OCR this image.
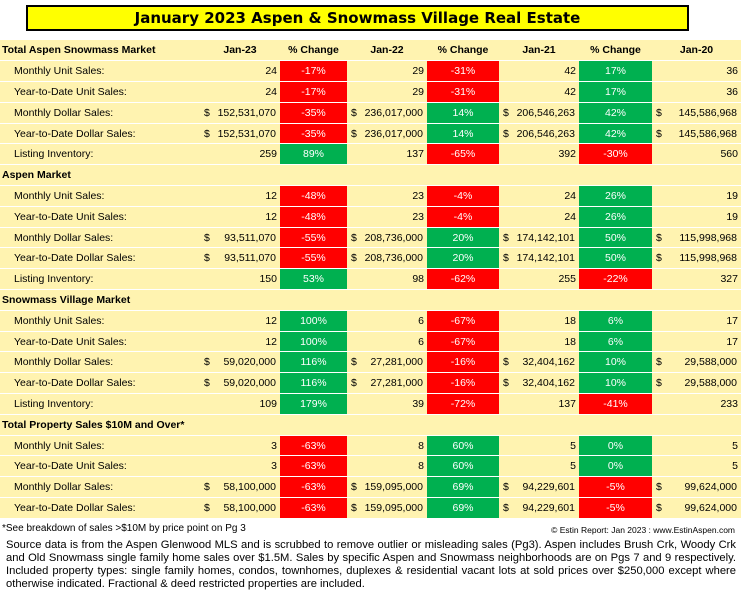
January 2023 Aspen & Snowmass Village Real Estate
Total Aspen Snowmass Market	Jan-23	% Change	Jan-22	% Change	Jan-21	% Change	Jan-20
Monthly Unit Sales:	24	-17%	29	-31%	42	17%	36
Year-to-Date Unit Sales:	24	-17%	29	-31%	42	17%	36
Monthly Dollar Sales:	$ 152,531,070	-35%	$ 236,017,000	14%	$ 206,546,263	42%	$ 145,586,968

Year-to-Date Dollar Sales:	$ 152,531,070	-35%	$ 236,017,000	14%	$ 206,546,263	42%	$ 145,586,968

Listing Inventory:	259	89%	137	-65%	392	-30%	560
Aspen Market							
Monthly Unit Sales:	12	-48%	23	-4%	24	26%	19
Year-to-Date Unit Sales:	12	-48%	23	-4%	24	26%	19
Monthly Dollar Sales:	$ 93,511,070	-55%	$ 208,736,000	20%	$ 174,142,101	50%	$ 115,998,968

Year-to-Date Dollar Sales:	$ 93,511,070	-55%	$ 208,736,000	20%	$ 174,142,101	50%	$ 115,998,968

Listing Inventory:	150	53%	98	-62%	255	-22%	327
Snowmass Village Market							
Monthly Unit Sales:	12	100%	6	-67%	18	6%	17
Year-to-Date Unit Sales:	12	100%	6	-67%	18	6%	17
Monthly Dollar Sales:	$ 59,020,000	116%	$ 27,281,000	-16%	$ 32,404,162	10%	$ 29,588,000

Year-to-Date Dollar Sales:	$ 59,020,000	116%	$ 27,281,000	-16%	$ 32,404,162	10%	$ 29,588,000

Listing Inventory:	109	179%	39	-72%	137	-41%	233
Total Property Sales $10M and Over*							
Monthly Unit Sales:	3	-63%	8	60%	5	0%	5
Year-to-Date Unit Sales:	3	-63%	8	60%	5	0%	5
Monthly Dollar Sales:	$ 58,100,000	-63%	$ 159,095,000	69%	$ 94,229,601	-5%	$ 99,624,000

Year-to-Date Dollar Sales:	$ 58,100,000	-63%	$ 159,095,000	69%	$ 94,229,601	-5%	$ 99,624,000
*See breakdown of sales >$10M by price point on Pg 3	© Estin Report: Jan 2023 : www.EstinAspen.com
Source data is from the Aspen Glenwood MLS and is scrubbed to remove outlier or misleading sales (Pg3). Aspen includes Brush Crk, Woody Crk and Old Snowmass single family home sales over $1.5M. Sales by specific Aspen and Snowmass neighborhoods are on Pgs 7 and 9 respectively. Included property types: single family homes, condos, townhomes, duplexes & residential vacant lots at sold prices over $250,000 except where otherwise indicated. Fractional & deed restricted properties are included.
